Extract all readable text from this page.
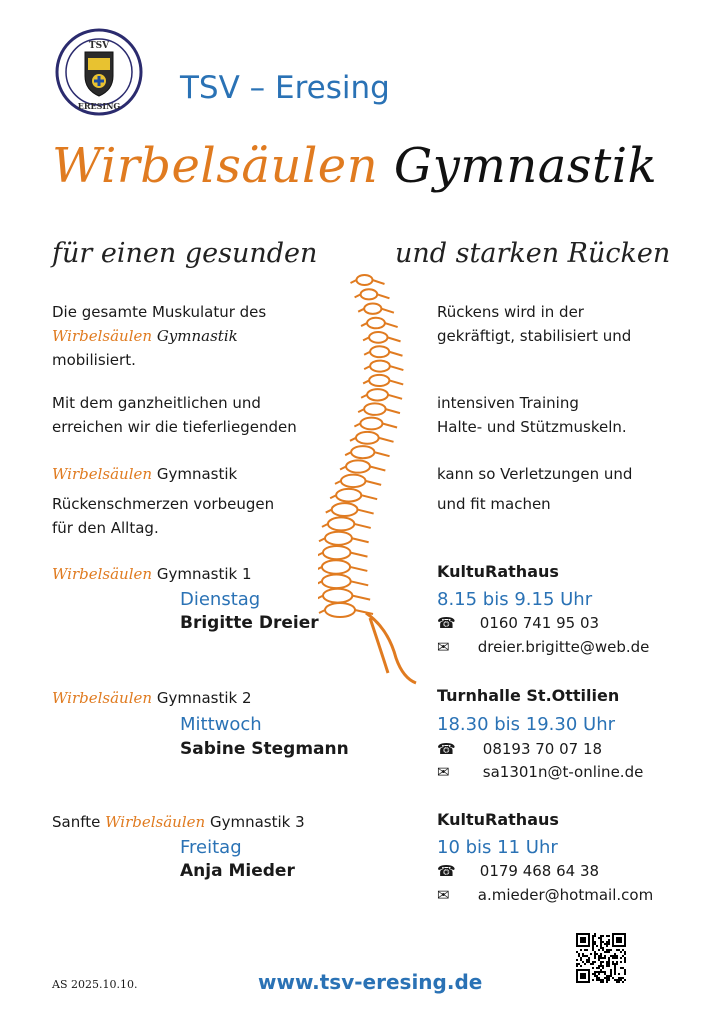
TSV
ERESING TSV – Eresing
Wirbelsäulen Gymnastik
für einen gesunden	und starken Rücken
Die gesamte Muskulatur des
Wirbelsäulen Gymnastik
mobilisiert.
Rückens wird in der
gekräftigt, stabilisiert und
Mit dem ganzheitlichen und
erreichen wir die tieferliegenden
intensiven Training
Halte- und Stützmuskeln.
Wirbelsäulen Gymnastik	kann so Verletzungen und
Rückenschmerzen vorbeugen
für den Alltag.
und fit machen
Wirbelsäulen Gymnastik 1
Dienstag
Brigitte Dreier
KultuRathaus
8.15 bis 9.15 Uhr
☎ 0160 741 95 03
✉ dreier.brigitte@web.de
Wirbelsäulen Gymnastik 2
Mittwoch
Sabine Stegmann
Turnhalle St.Ottilien
18.30 bis 19.30 Uhr
☎ 08193 70 07 18
✉ sa1301n@t-online.de
Sanfte Wirbelsäulen Gymnastik 3
Freitag
Anja Mieder
KultuRathaus
10 bis 11 Uhr
☎ 0179 468 64 38
✉ a.mieder@hotmail.com
AS 2025.10.10.	www.tsv-eresing.de
